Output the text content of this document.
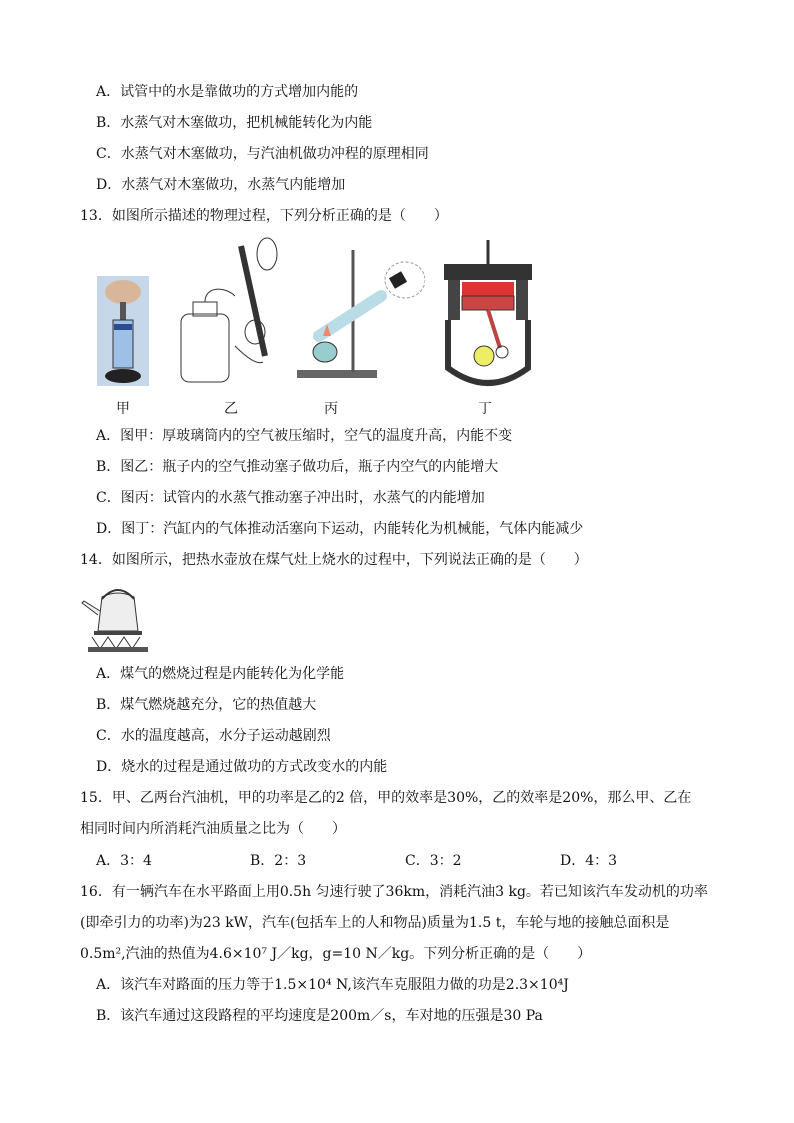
A．试管中的水是靠做功的方式增加内能的
B．水蒸气对木塞做功，把机械能转化为内能
C．水蒸气对木塞做功，与汽油机做功冲程的原理相同
D．水蒸气对木塞做功，水蒸气内能增加
13．如图所示描述的物理过程，下列分析正确的是（　　）
甲	乙	丙	丁
A．图甲：厚玻璃筒内的空气被压缩时，空气的温度升高，内能不变
B．图乙：瓶子内的空气推动塞子做功后，瓶子内空气的内能增大
C．图丙：试管内的水蒸气推动塞子冲出时，水蒸气的内能增加
D．图丁：汽缸内的气体推动活塞向下运动，内能转化为机械能，气体内能减少
14．如图所示，把热水壶放在煤气灶上烧水的过程中，下列说法正确的是（　　）
A．煤气的燃烧过程是内能转化为化学能
B．煤气燃烧越充分，它的热值越大
C．水的温度越高，水分子运动越剧烈
D．烧水的过程是通过做功的方式改变水的内能
15．甲、乙两台汽油机，甲的功率是乙的2 倍，甲的效率是30%，乙的效率是20%，那么甲、乙在
相同时间内所消耗汽油质量之比为（　　）
A．3：4	B．2：3	C．3：2	D．4：3
16．有一辆汽车在水平路面上用0.5h 匀速行驶了36km，消耗汽油3 kg。若已知该汽车发动机的功率
(即牵引力的功率)为23 kW，汽车(包括车上的人和物品)质量为1.5 t，车轮与地的接触总面积是
0.5m²,汽油的热值为4.6×10⁷ J／kg，g=10 N／kg。下列分析正确的是（　　）
A．该汽车对路面的压力等于1.5×10⁴ N,该汽车克服阻力做的功是2.3×10⁴J
B．该汽车通过这段路程的平均速度是200m／s，车对地的压强是30 Pa
